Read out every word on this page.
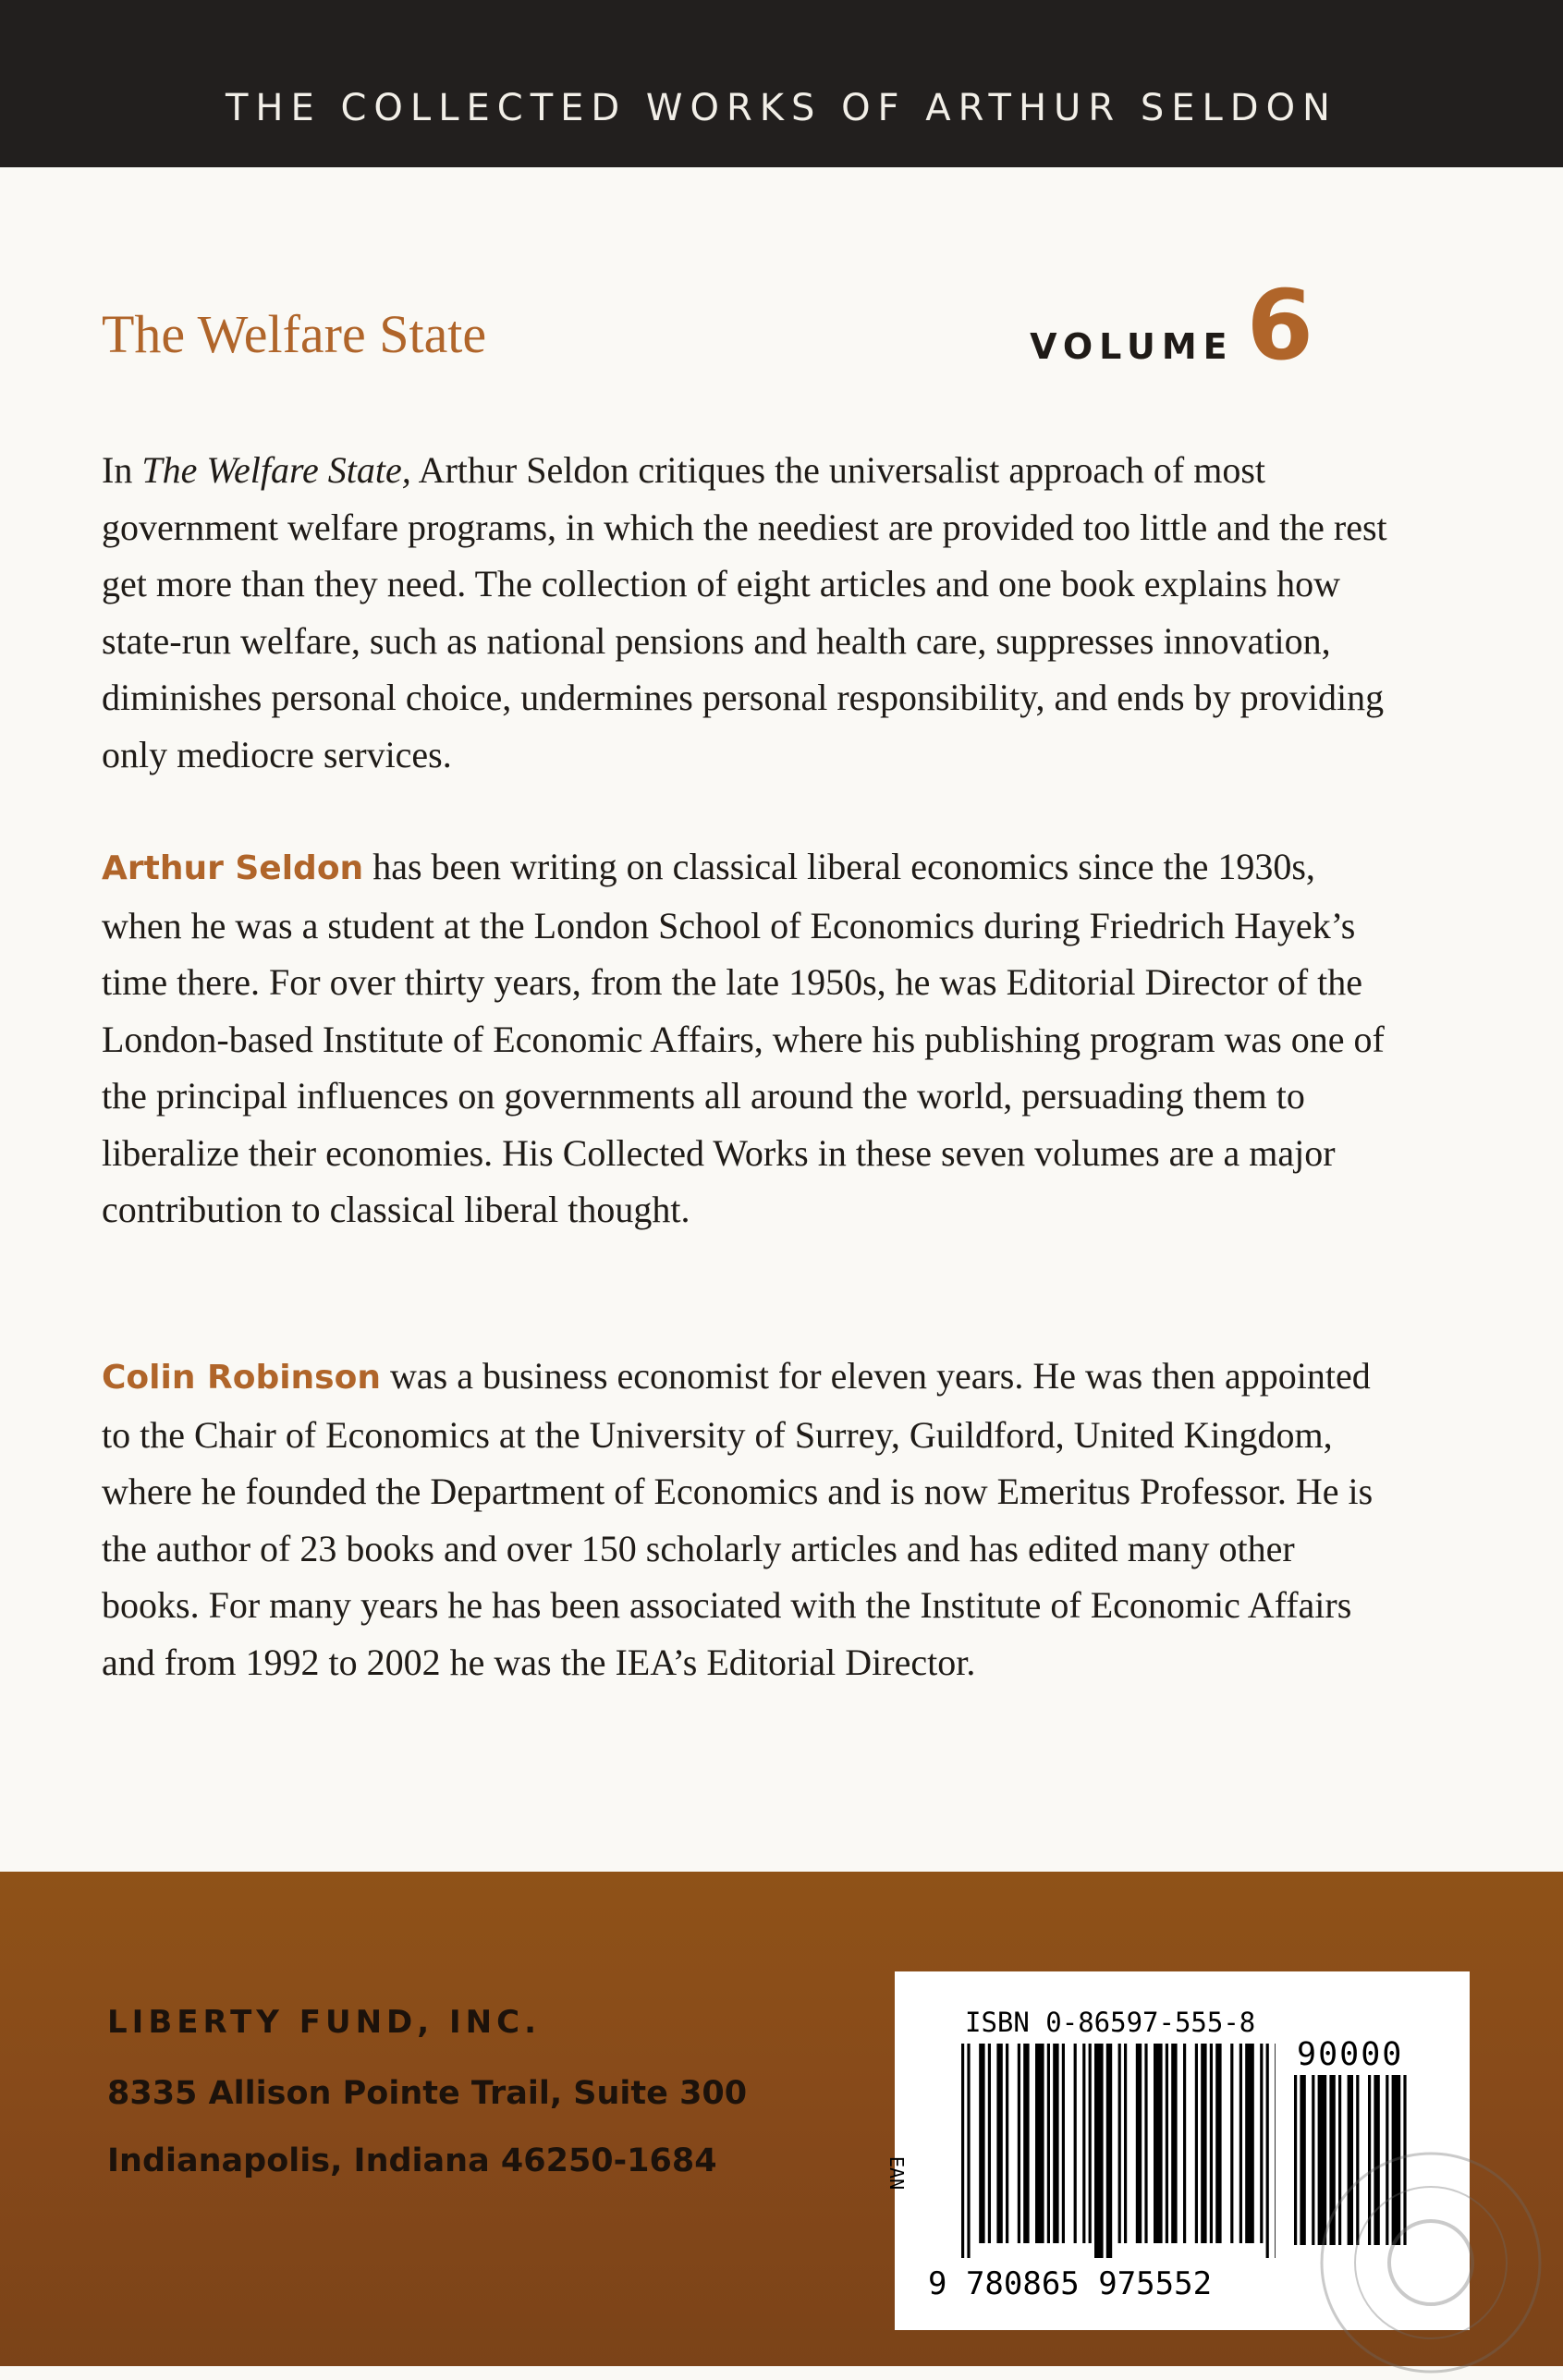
THE COLLECTED WORKS OF ARTHUR SELDON
The Welfare State	VOLUME 6

In The Welfare State, Arthur Seldon critiques the universalist approach of most government welfare programs, in which the neediest are provided too little and the rest get more than they need. The collection of eight articles and one book explains how state-run welfare, such as national pensions and health care, suppresses innovation, diminishes personal choice, undermines personal responsibility, and ends by providing only mediocre services.

Arthur Seldon has been writing on classical liberal economics since the 1930s, when he was a student at the London School of Economics during Friedrich Hayek’s time there. For over thirty years, from the late 1950s, he was Editorial Director of the London-based Institute of Economic Affairs, where his publishing program was one of the principal influences on governments all around the world, persuading them to liberalize their economies. His Collected Works in these seven volumes are a major contribution to classical liberal thought.

Colin Robinson was a business economist for eleven years. He was then appointed to the Chair of Economics at the University of Surrey, Guildford, United Kingdom, where he founded the Department of Economics and is now Emeritus Professor. He is the author of 23 books and over 150 scholarly articles and has edited many other books. For many years he has been associated with the Institute of Economic Affairs and from 1992 to 2002 he was the IEA’s Editorial Director.

LIBERTY FUND, INC.
8335 Allison Pointe Trail, Suite 300
Indianapolis, Indiana 46250-1684
ISBN 0-86597-555-8
90000
EAN
9 780865 975552
